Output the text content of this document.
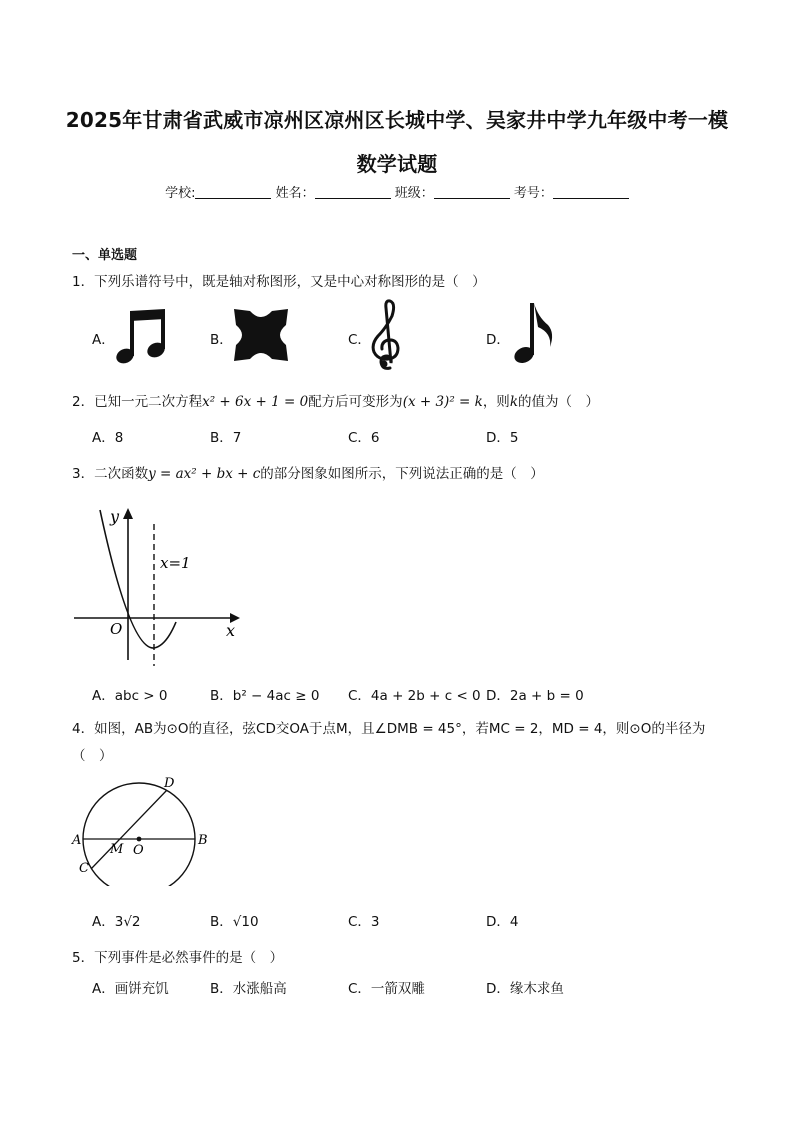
2025年甘肃省武威市凉州区凉州区长城中学、吴家井中学九年级中考一模
数学试题
学校:	姓名：	班级：	考号：
一、单选题
1．下列乐谱符号中，既是轴对称图形，又是中心对称图形的是（　）
A．	B．	C．	D．
2．已知一元二次方程x² + 6x + 1 = 0配方后可变形为(x + 3)² = k，则k的值为（　）
A．8	B．7	C．6	D．5
3．二次函数y = ax² + bx + c的部分图象如图所示，下列说法正确的是（　）
y
x
O
x=1
A．abc > 0	B．b² − 4ac ≥ 0 C．4a + 2b + c < 0 D．2a + b = 0
4．如图，AB为⊙O的直径，弦CD交OA于点M，且∠DMB = 45°，若MC = 2，MD = 4，则⊙O的半径为
（　）
A	B
C
D
M O
A．3√2	B．√10	C．3	D．4
5．下列事件是必然事件的是（　）
A．画饼充饥	B．水涨船高	C．一箭双雕	D．缘木求鱼
